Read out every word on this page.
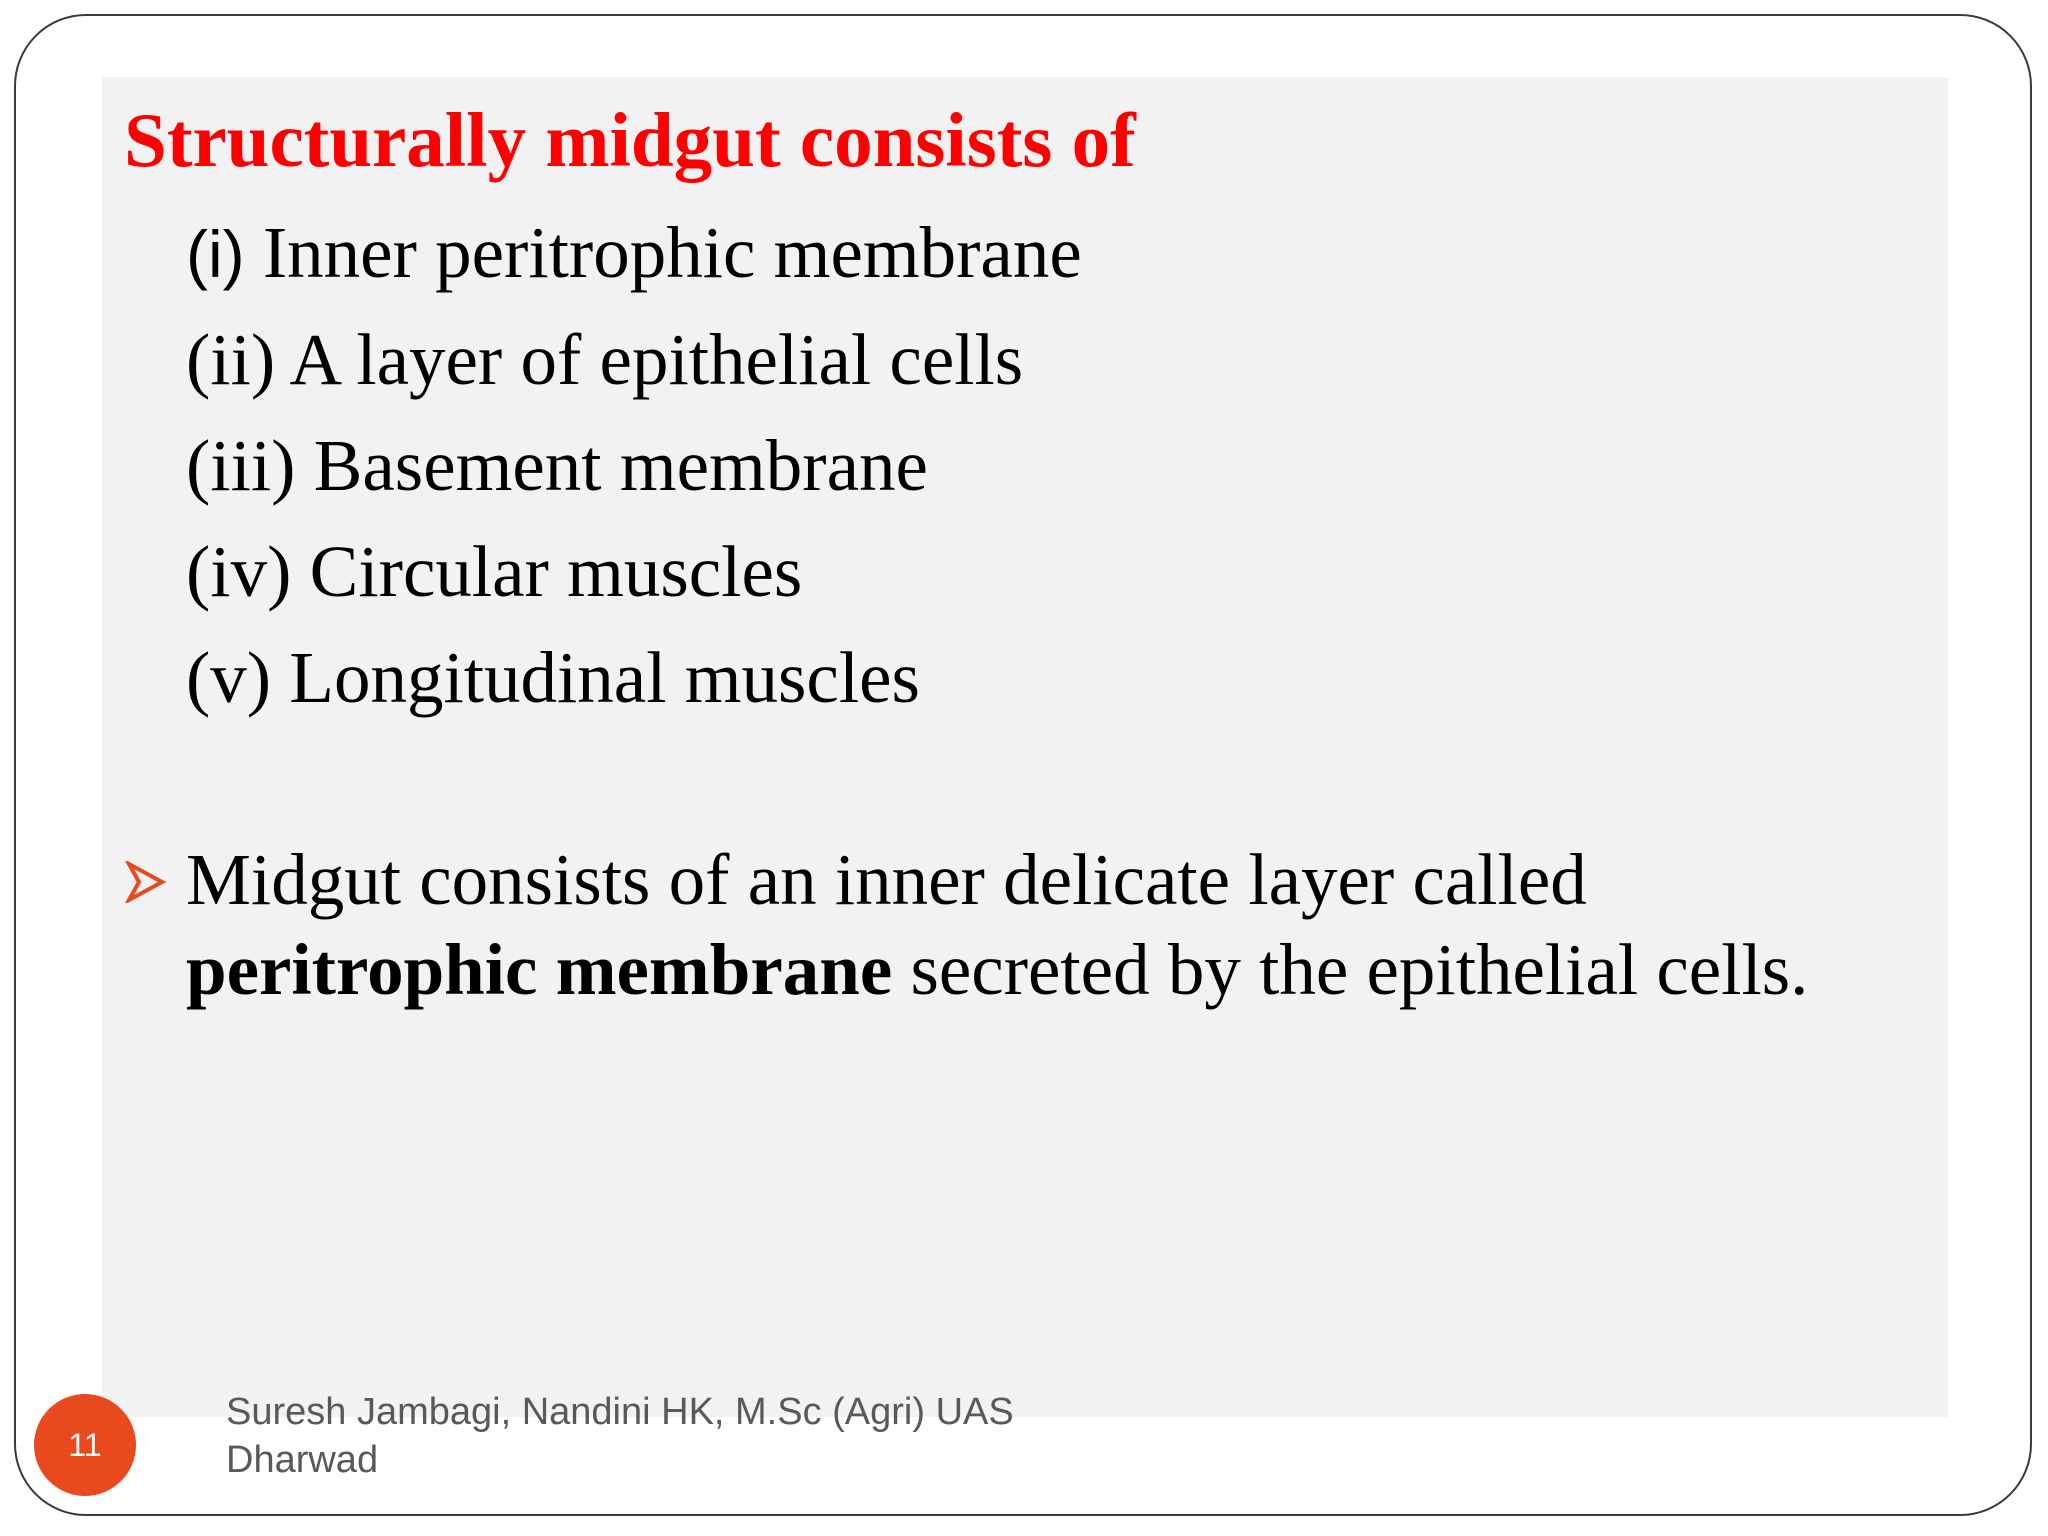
Structurally midgut consists of
(i) Inner peritrophic membrane
(ii) A layer of epithelial cells
(iii) Basement membrane
(iv) Circular muscles
(v) Longitudinal muscles

Midgut consists of an inner delicate layer called peritrophic membrane secreted by the epithelial cells.

11

Suresh Jambagi, Nandini HK, M.Sc (Agri) UAS Dharwad
